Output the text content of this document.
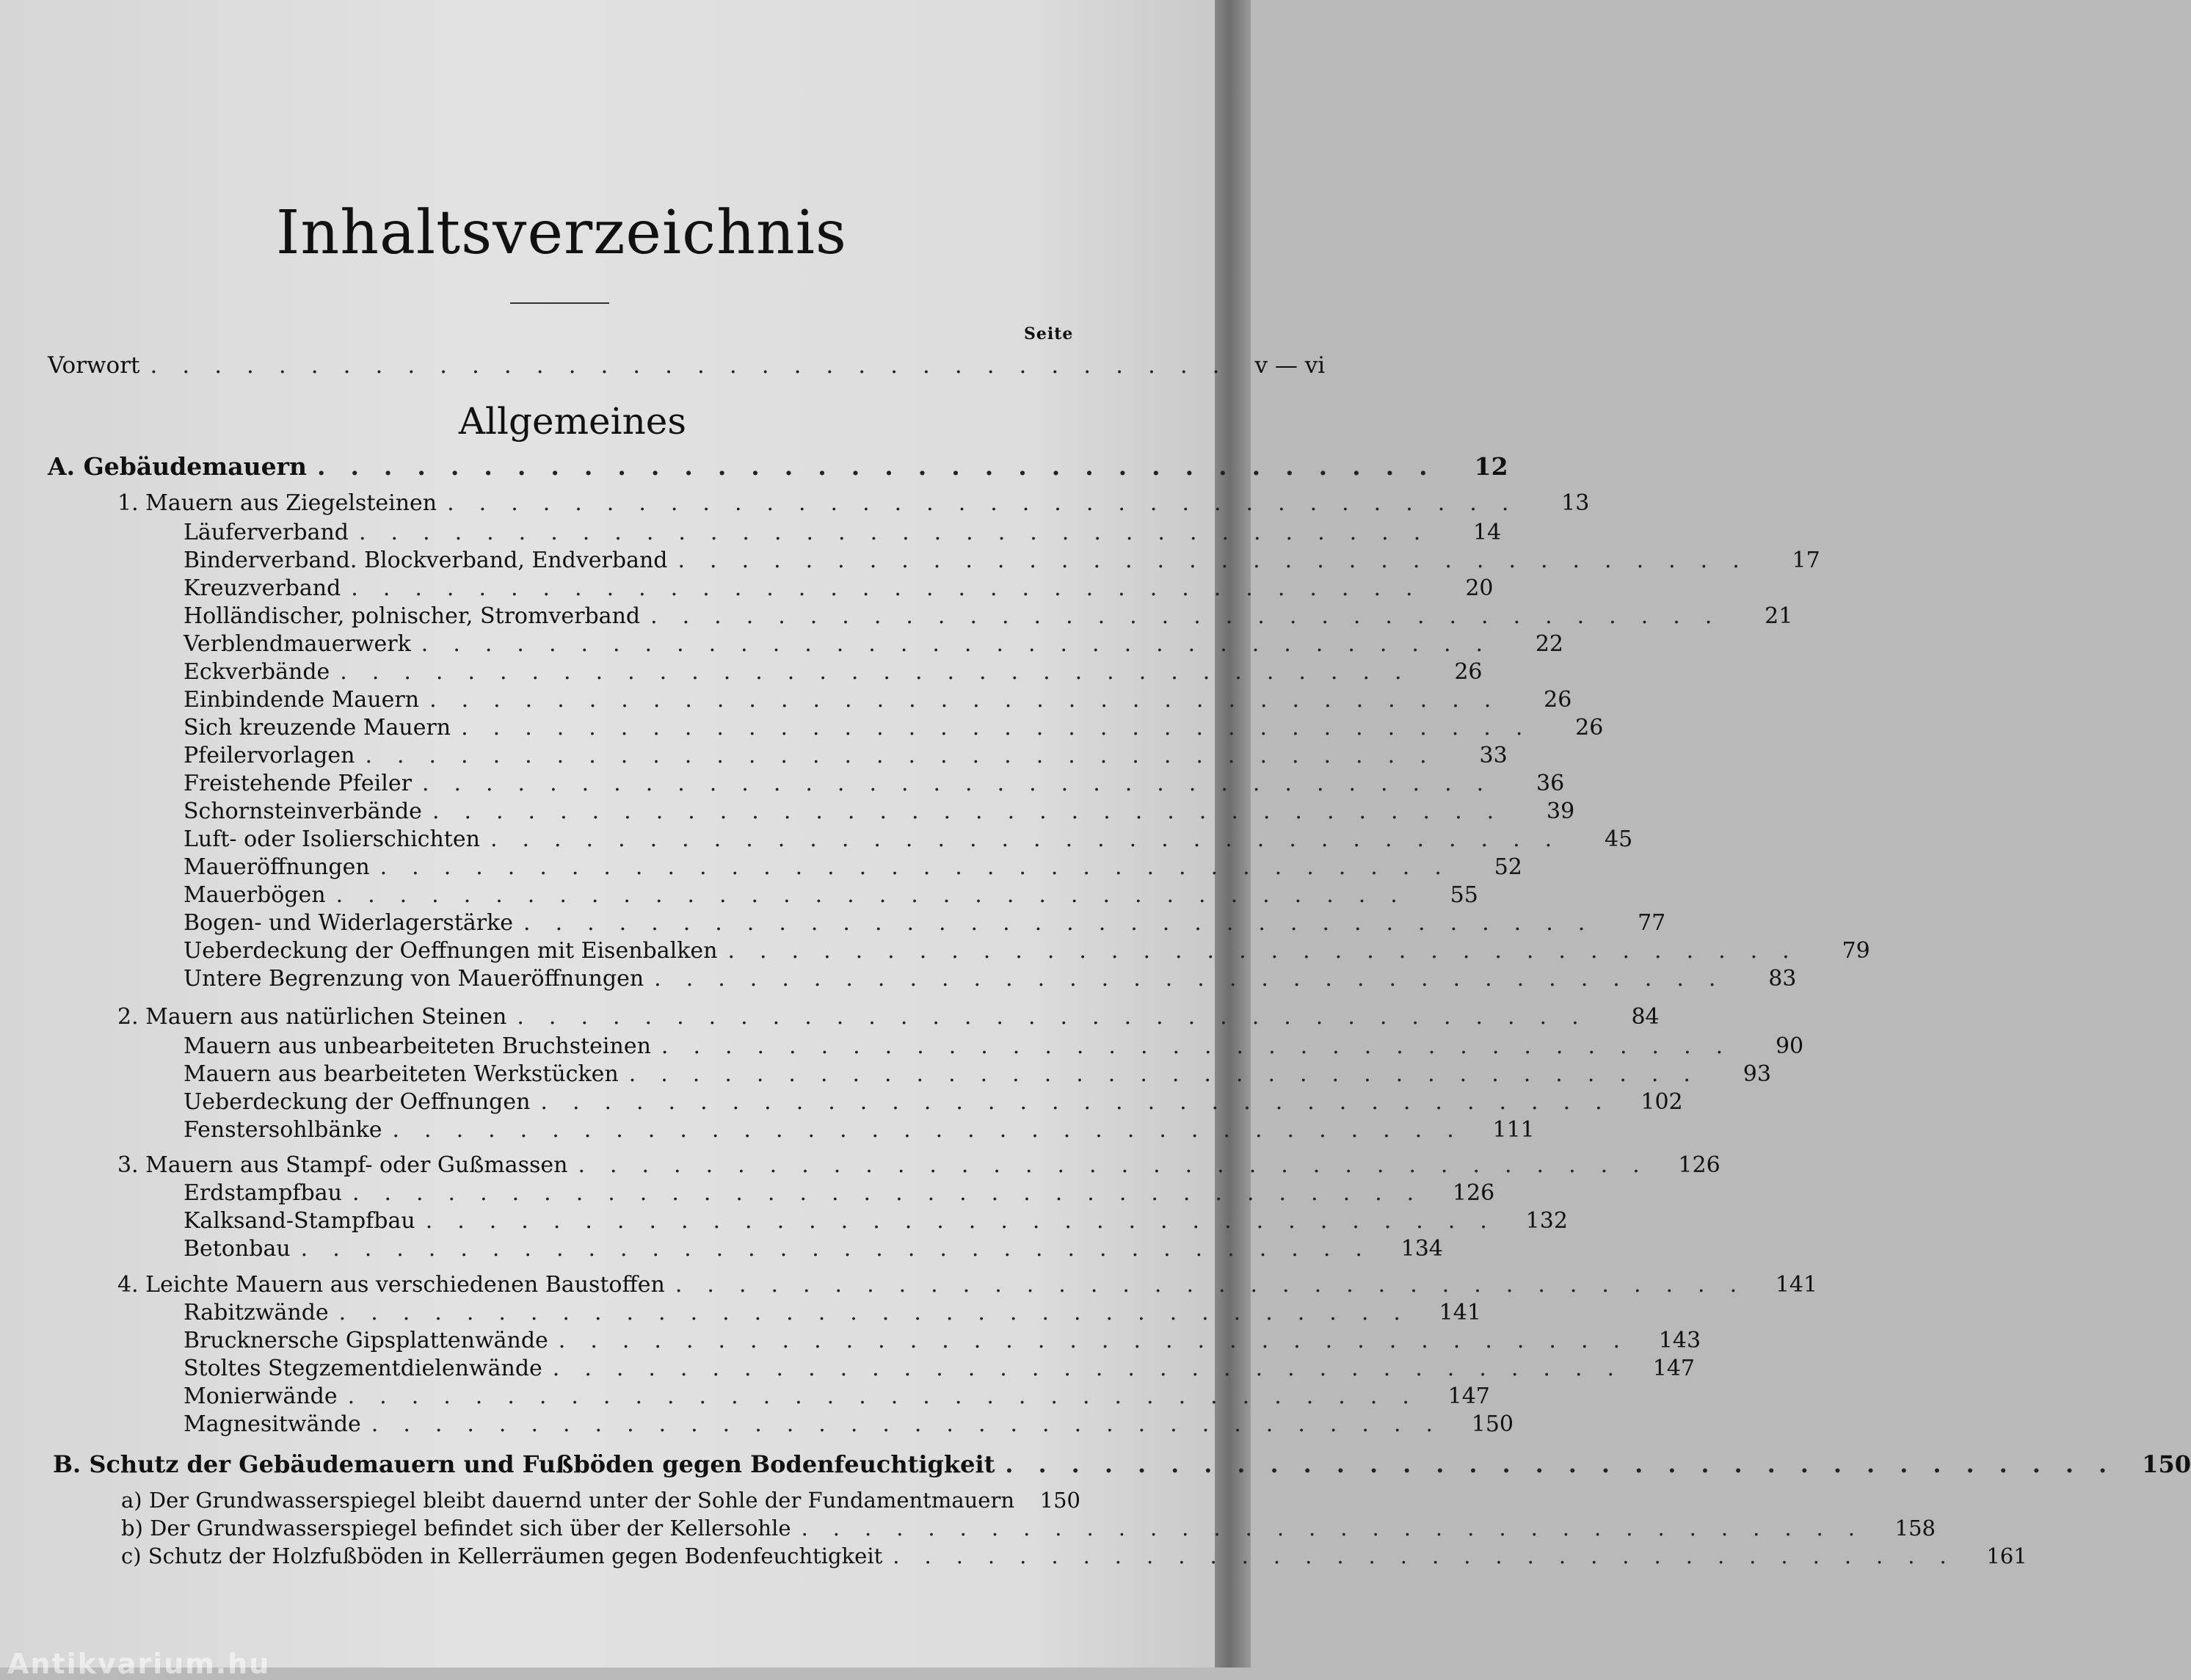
Inhaltsverzeichnis
Seite
Vorwort .................................. v — vi
Allgemeines
A. Gebäudemauern .................................. 12
1. Mauern aus Ziegelsteinen ..................................	13
Läuferverband ..................................	14
Binderverband. Blockverband, Endverband ..................................	17
Kreuzverband ..................................	20
Holländischer, polnischer, Stromverband ..................................	21
Verblendmauerwerk ..................................	22
Eckverbände ..................................	26
Einbindende Mauern ..................................	26
Sich kreuzende Mauern ..................................	26
Pfeilervorlagen ..................................	33
Freistehende Pfeiler ..................................	36
Schornsteinverbände ..................................	39
Luft- oder Isolierschichten ..................................	45
Maueröffnungen ..................................	52
Mauerbögen ..................................	55
Bogen- und Widerlagerstärke ..................................	77
Ueberdeckung der Oeffnungen mit Eisenbalken ..................................	79
Untere Begrenzung von Maueröffnungen ..................................	83
2. Mauern aus natürlichen Steinen ..................................	84
Mauern aus unbearbeiteten Bruchsteinen ..................................	90
Mauern aus bearbeiteten Werkstücken ..................................	93
Ueberdeckung der Oeffnungen .................................. 102
Fenstersohlbänke .................................. 111
3. Mauern aus Stampf- oder Gußmassen .................................. 126
Erdstampfbau .................................. 126
Kalksand-Stampfbau .................................. 132
Betonbau .................................. 134
4. Leichte Mauern aus verschiedenen Baustoffen .................................. 141
Rabitzwände .................................. 141
Brucknersche Gipsplattenwände .................................. 143
Stoltes Stegzementdielenwände .................................. 147
Monierwände .................................. 147
Magnesitwände .................................. 150
B. Schutz der Gebäudemauern und Fußböden gegen Bodenfeuchtigkeit .................................. 150
a) Der Grundwasserspiegel bleibt dauernd unter der Sohle der Fundamentmauern 150
b) Der Grundwasserspiegel befindet sich über der Kellersohle .................................. 158
c) Schutz der Holzfußböden in Kellerräumen gegen Bodenfeuchtigkeit .................................. 161
Antikvarium.hu
